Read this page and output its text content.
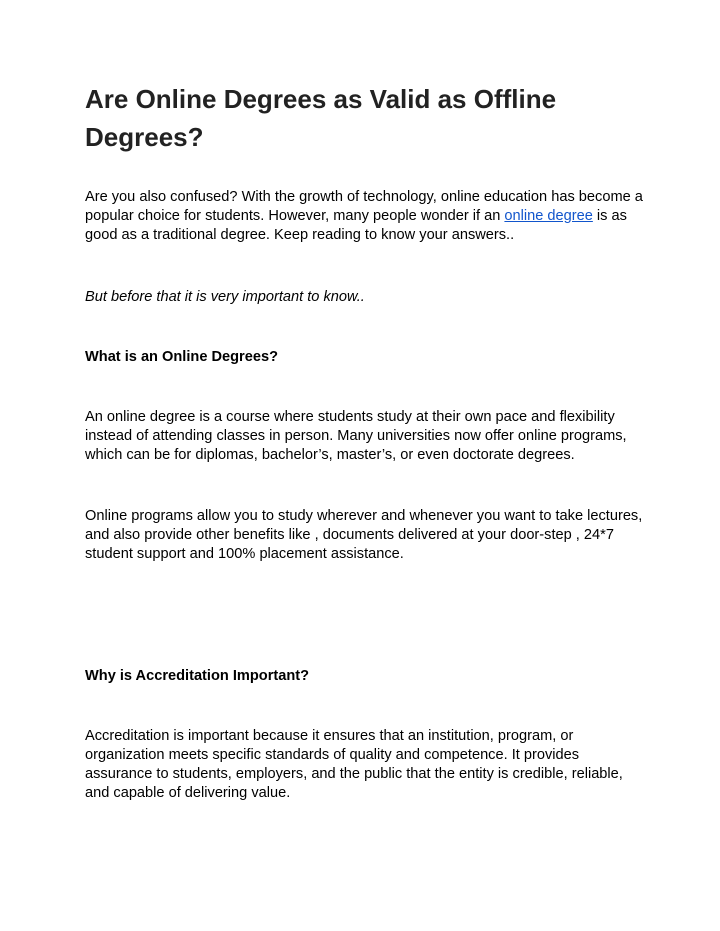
Are Online Degrees as Valid as Offline Degrees?

Are you also confused? With the growth of technology, online education has become a popular choice for students. However, many people wonder if an online degree is as good as a traditional degree. Keep reading to know your answers..

But before that it is very important to know..

What is an Online Degrees?

An online degree is a course where students study at their own pace and flexibility instead of attending classes in person. Many universities now offer online programs, which can be for diplomas, bachelor’s, master’s, or even doctorate degrees.

Online programs allow you to study wherever and whenever you want to take lectures, and also provide other benefits like , documents delivered at your door-step , 24*7 student support and 100% placement assistance.

Why is Accreditation Important?

Accreditation is important because it ensures that an institution, program, or organization meets specific standards of quality and competence. It provides assurance to students, employers, and the public that the entity is credible, reliable, and capable of delivering value.
